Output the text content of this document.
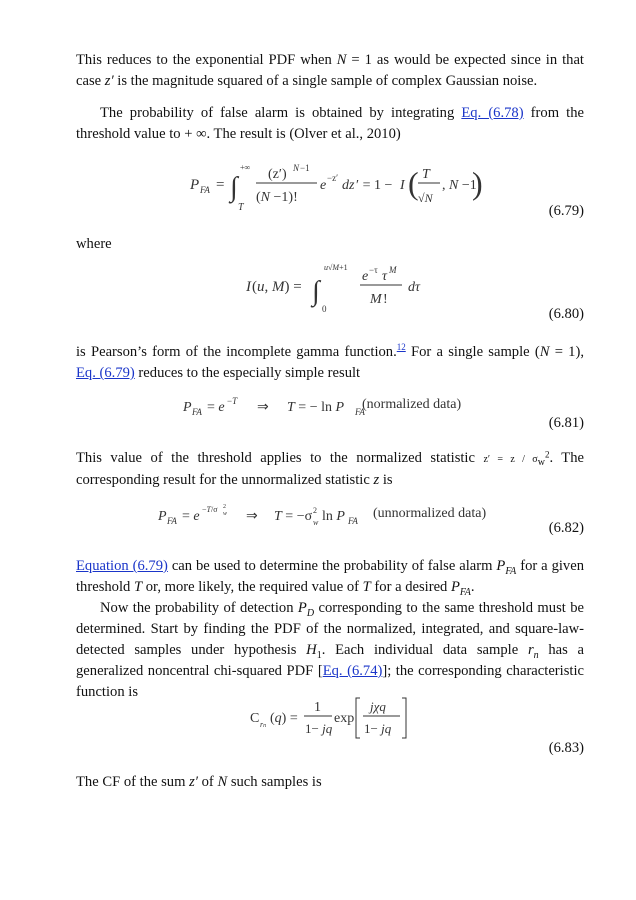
This reduces to the exponential PDF when N = 1 as would be expected since in that case z′ is the magnitude squared of a single sample of complex Gaussian noise.

The probability of false alarm is obtained by integrating Eq. (6.78) from the threshold value to + ∞. The result is (Olver et al., 2010)

P FA = ∫
+∞
T
(z′) N −1
(N −1)!
e −z′ dz ′ = 1 − I ( T
√N
, N −1
)
(6.79)

where

I (u, M) = ∫
u√M+1
0
e −τ τ M
M !
dτ
(6.80)

is Pearson’s form of the incomplete gamma function.$^{12}$ For a single sample (N = 1), Eq. (6.79) reduces to the especially simple result

P FA = e −T ⇒ T = − ln P FA
(normalized data)
(6.81)

This value of the threshold applies to the normalized statistic z′ = z / σw2. The corresponding result for the unnormalized statistic z is

P FA = e −T/σ w
2
⇒ T = −σ w
2 ln P FA (unnormalized data)
(6.82)

Equation (6.79) can be used to determine the probability of false alarm $P_{FA}$ for a given threshold T or, more likely, the required value of T for a desired $P_{FA}$.

Now the probability of detection $P_D$ corresponding to the same threshold must be determined. Start by finding the PDF of the normalized, integrated, and square-law-detected samples under hypothesis $H_1$. Each individual data sample $r_n$ has a generalized noncentral chi-squared PDF [Eq. (6.74)]; the corresponding characteristic function is

C rn (q) =
1
1− jq
exp
jχq
1− jq
(6.83)

The CF of the sum z′ of N such samples is
